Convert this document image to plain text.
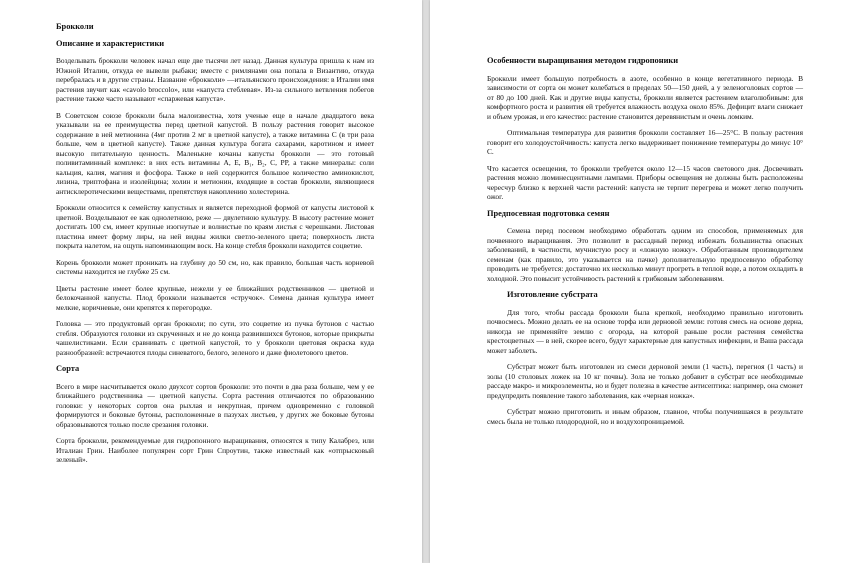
Брокколи
Описание и характеристики

Возделывать брокколи человек начал еще две тысячи лет назад. Данная культура пришла к нам из Южной Италии, откуда ее вывели рыбаки; вместе с римлянами она попала в Византию, откуда перебралась и в другие страны. Название «брокколи» —итальянского происхождения: в Италии имя растения звучит как «cavolo broccolo», или «капуста стеблевая». Из-за сильного ветвления побегов растение также часто называют «спаржевая капуста».

В Советском союзе брокколи была малоизвестна, хотя ученые еще в начале двадцатого века указывали на ее преимущества перед цветной капустой. В пользу растения говорит высокое содержание в ней метионина (4мг против 2 мг в цветной капусте), а также витамина С (в три раза больше, чем в цветной капусте). Также данная культура богата сахарами, каротином и имеет высокую питательную ценность. Маленькие кочаны капусты брокколи — это готовый поливитаминный комплекс: в них есть витамины А, Е, В₁, В₂, С, РР, а также минералы: соли кальция, калия, магния и фосфора. Также в ней содержится большое количество аминокислот, лизина, триптофана и изолейцина; холин и метионин, входящие в состав брокколи, являющиеся антисклеротическими веществами, препятствуя накоплению холестерина.

Брокколи относится к семейству капустных и является переходной формой от капусты листовой к цветной. Возделывают ее как однолетнюю, реже — двулетнюю культуру. В высоту растение может достигать 100 см, имеет крупные изогнутые и волнистые по краям листья с черешками. Листовая пластина имеет форму лиры, на ней видны жилки светло-зеленого цвета; поверхность листа покрыта налетом, на ощупь напоминающим воск. На конце стебля брокколи находится соцветие.

Корень брокколи может проникать на глубину до 50 см, но, как правило, большая часть корневой системы находится не глубже 25 см.

Цветы растение имеет более крупные, нежели у ее ближайших родственников — цветной и белокочанной капусты. Плод брокколи называется «стручок». Семена данная культура имеет мелкие, коричневые, они крепятся к перегородке.

Головка — это продуктовый орган брокколи; по сути, это соцветие из пучка бутонов с частью стебля. Образуются головки из скрученных и не до конца развившихся бутонов, которые прикрыты чашелистиками. Если сравнивать с цветной капустой, то у брокколи цветовая окраска куда разнообразней: встречаются плоды синеватого, белого, зеленого и даже фиолетового цветов.

Сорта

Всего в мире насчитывается около двухсот сортов брокколи: это почти в два раза больше, чем у ее ближайшего родственника — цветной капусты. Сорта растения отличаются по образованию головки: у некоторых сортов она рыхлая и некрупная, причем одновременно с головкой формируются и боковые бутоны, расположенные в пазухах листьев, у других же боковые бутоны образовываются только после срезания головки.

Сорта брокколи, рекомендуемые для гидропонного выращивания, относятся к типу Калабрез, или Италиан Грин. Наиболее популярен сорт Грин Спроутин, также известный как «отпрысковый зеленый».

Особенности выращивания методом гидропоники

Брокколи имеет большую потребность в азоте, особенно в конце вегетативного периода. В зависимости от сорта он может колебаться в пределах 50—150 дней, а у зеленоголовых сортов — от 80 до 100 дней. Как и другие виды капусты, брокколи является растением влаголюбивым: для комфортного роста и развития ей требуется влажность воздуха около 85%. Дефицит влаги снижает и объем урожая, и его качество: растение становится деревянистым и очень ломким.

Оптимальная температура для развития брокколи составляет 16—25°С. В пользу растения говорит его холодоустойчивость: капуста легко выдерживает понижение температуры до минус 10° С.

Что касается освещения, то брокколи требуется около 12—15 часов светового дня. Досвечивать растения можно люминесцентными лампами. Приборы освещения не должны быть расположены чересчур близко к верхней части растений: капуста не терпит перегрева и может легко получить ожог.

Предпосевная подготовка семян

Семена перед посевом необходимо обработать одним из способов, применяемых для почвенного выращивания. Это позволит в рассадный период избежать большинства опасных заболеваний, в частности, мучнистую росу и «ложную ножку». Обработанным производителем семенам (как правило, это указывается на пачке) дополнительную предпосевную обработку проводить не требуется: достаточно их несколько минут прогреть в теплой воде, а потом охладить в холодной. Это повысит устойчивость растений к грибковым заболеваниям.

Изготовление субстрата

Для того, чтобы рассада брокколи была крепкой, необходимо правильно изготовить почвосмесь. Можно делать ее на основе торфа или дерновой земли: готовя смесь на основе дерна, никогда не применяйте землю с огорода, на которой раньше росли растения семейства крестоцветных — в ней, скорее всего, будут характерные для капустных инфекции, и Ваша рассада может заболеть.

Субстрат может быть изготовлен из смеси дерновой земли (1 часть), перегноя (1 часть) и золы (10 столовых ложек на 10 кг почвы). Зола не только добавит в субстрат все необходимые рассаде макро- и микроэлементы, но и будет полезна в качестве антисептика: например, она сможет предупредить появление такого заболевания, как «черная ножка».

Субстрат можно приготовить и иным образом, главное, чтобы получившаяся в результате смесь была не только плодородной, но и воздухопроницаемой.
